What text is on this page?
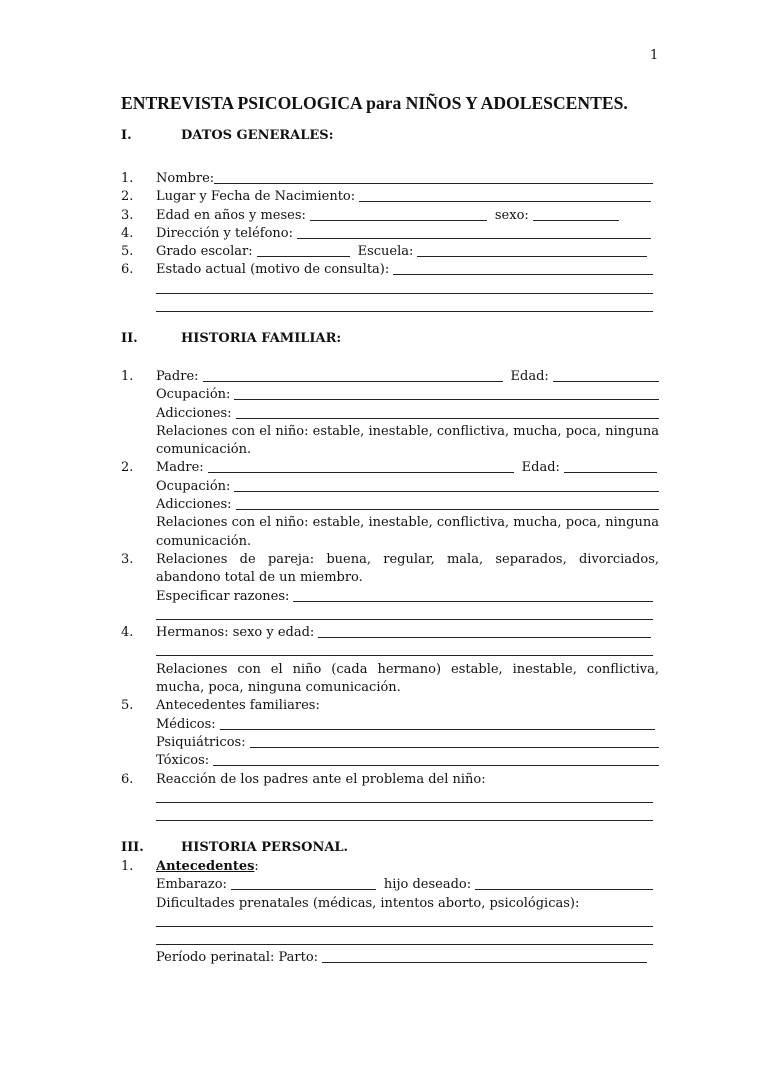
1
ENTREVISTA PSICOLOGICA para NIÑOS Y ADOLESCENTES.
I.	DATOS GENERALES:
1.	Nombre:
2.	Lugar y Fecha de Nacimiento:
3.	Edad en años y meses:	sexo:
4.	Dirección y teléfono:
5.	Grado escolar:	Escuela:
6.	Estado actual (motivo de consulta):
II.	HISTORIA FAMILIAR:
1.	Padre:	Edad:
Ocupación:
Adicciones:
Relaciones con el niño: estable, inestable, conflictiva, mucha, poca, ninguna comunicación.
2.	Madre:	Edad:
Ocupación:
Adicciones:
Relaciones con el niño: estable, inestable, conflictiva, mucha, poca, ninguna comunicación.
3.	Relaciones de pareja: buena, regular, mala, separados, divorciados, abandono total de un miembro.
Especificar razones:
4.	Hermanos: sexo y edad:
Relaciones con el niño (cada hermano) estable, inestable, conflictiva, mucha, poca, ninguna comunicación.
5.	Antecedentes familiares:
Médicos:
Psiquiátricos:
Tóxicos:
6.	Reacción de los padres ante el problema del niño:
III.	HISTORIA PERSONAL.
1.	Antecedentes :
Embarazo:	hijo deseado:
Dificultades prenatales (médicas, intentos aborto, psicológicas):
Período perinatal: Parto:
